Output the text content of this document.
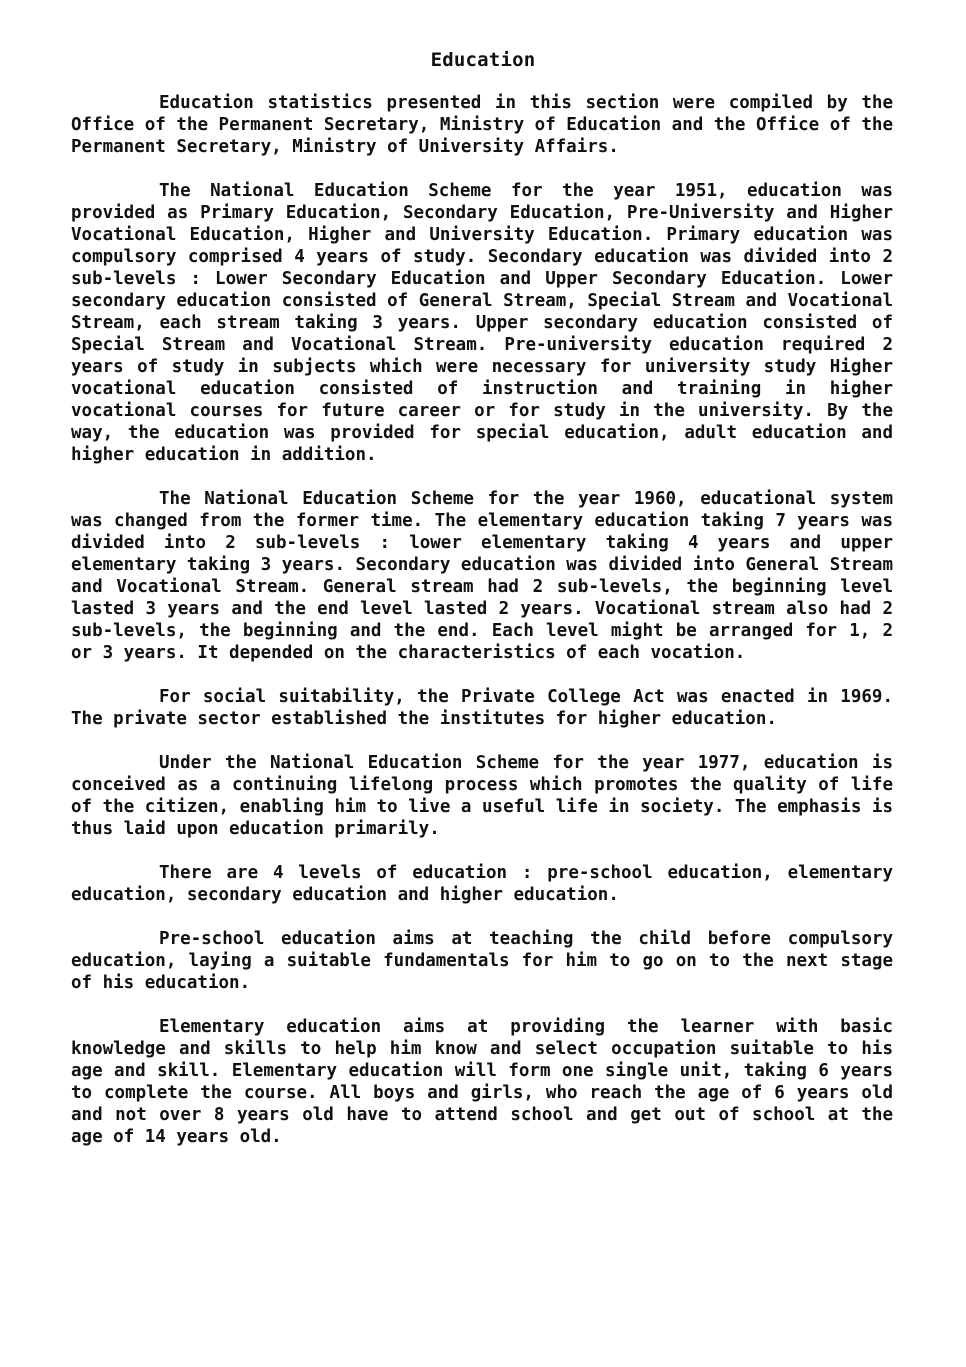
Education

Education statistics presented in this section were compiled by the Office of the Permanent Secretary, Ministry of Education and the Office of the Permanent Secretary, Ministry of University Affairs.

The National Education Scheme for the year 1951, education was provided as Primary Education, Secondary Education, Pre-University and Higher Vocational Education, Higher and University Education. Primary education was compulsory comprised 4 years of study. Secondary education was divided into 2 sub-levels : Lower Secondary Education and Upper Secondary Education. Lower secondary education consisted of General Stream, Special Stream and Vocational Stream, each stream taking 3 years. Upper secondary education consisted of Special Stream and Vocational Stream. Pre-university education required 2 years of study in subjects which were necessary for university study Higher vocational education consisted of instruction and training in higher vocational courses for future career or for study in the university. By the way, the education was provided for special education, adult education and higher education in addition.

The National Education Scheme for the year 1960, educational system was changed from the former time. The elementary education taking 7 years was divided into 2 sub-levels : lower elementary taking 4 years and upper elementary taking 3 years. Secondary education was divided into General Stream and Vocational Stream. General stream had 2 sub-levels, the beginning level lasted 3 years and the end level lasted 2 years. Vocational stream also had 2 sub-levels, the beginning and the end. Each level might be arranged for 1, 2 or 3 years. It depended on the characteristics of each vocation.

For social suitability, the Private College Act was enacted in 1969. The private sector established the institutes for higher education.

Under the National Education Scheme for the year 1977, education is conceived as a continuing lifelong process which promotes the quality of life of the citizen, enabling him to live a useful life in society. The emphasis is thus laid upon education primarily.

There are 4 levels of education : pre-school education, elementary education, secondary education and higher education.

Pre-school education aims at teaching the child before compulsory education, laying a suitable fundamentals for him to go on to the next stage of his education.

Elementary education aims at providing the learner with basic knowledge and skills to help him know and select occupation suitable to his age and skill. Elementary education will form one single unit, taking 6 years to complete the course. All boys and girls, who reach the age of 6 years old and not over 8 years old have to attend school and get out of school at the age of 14 years old.
